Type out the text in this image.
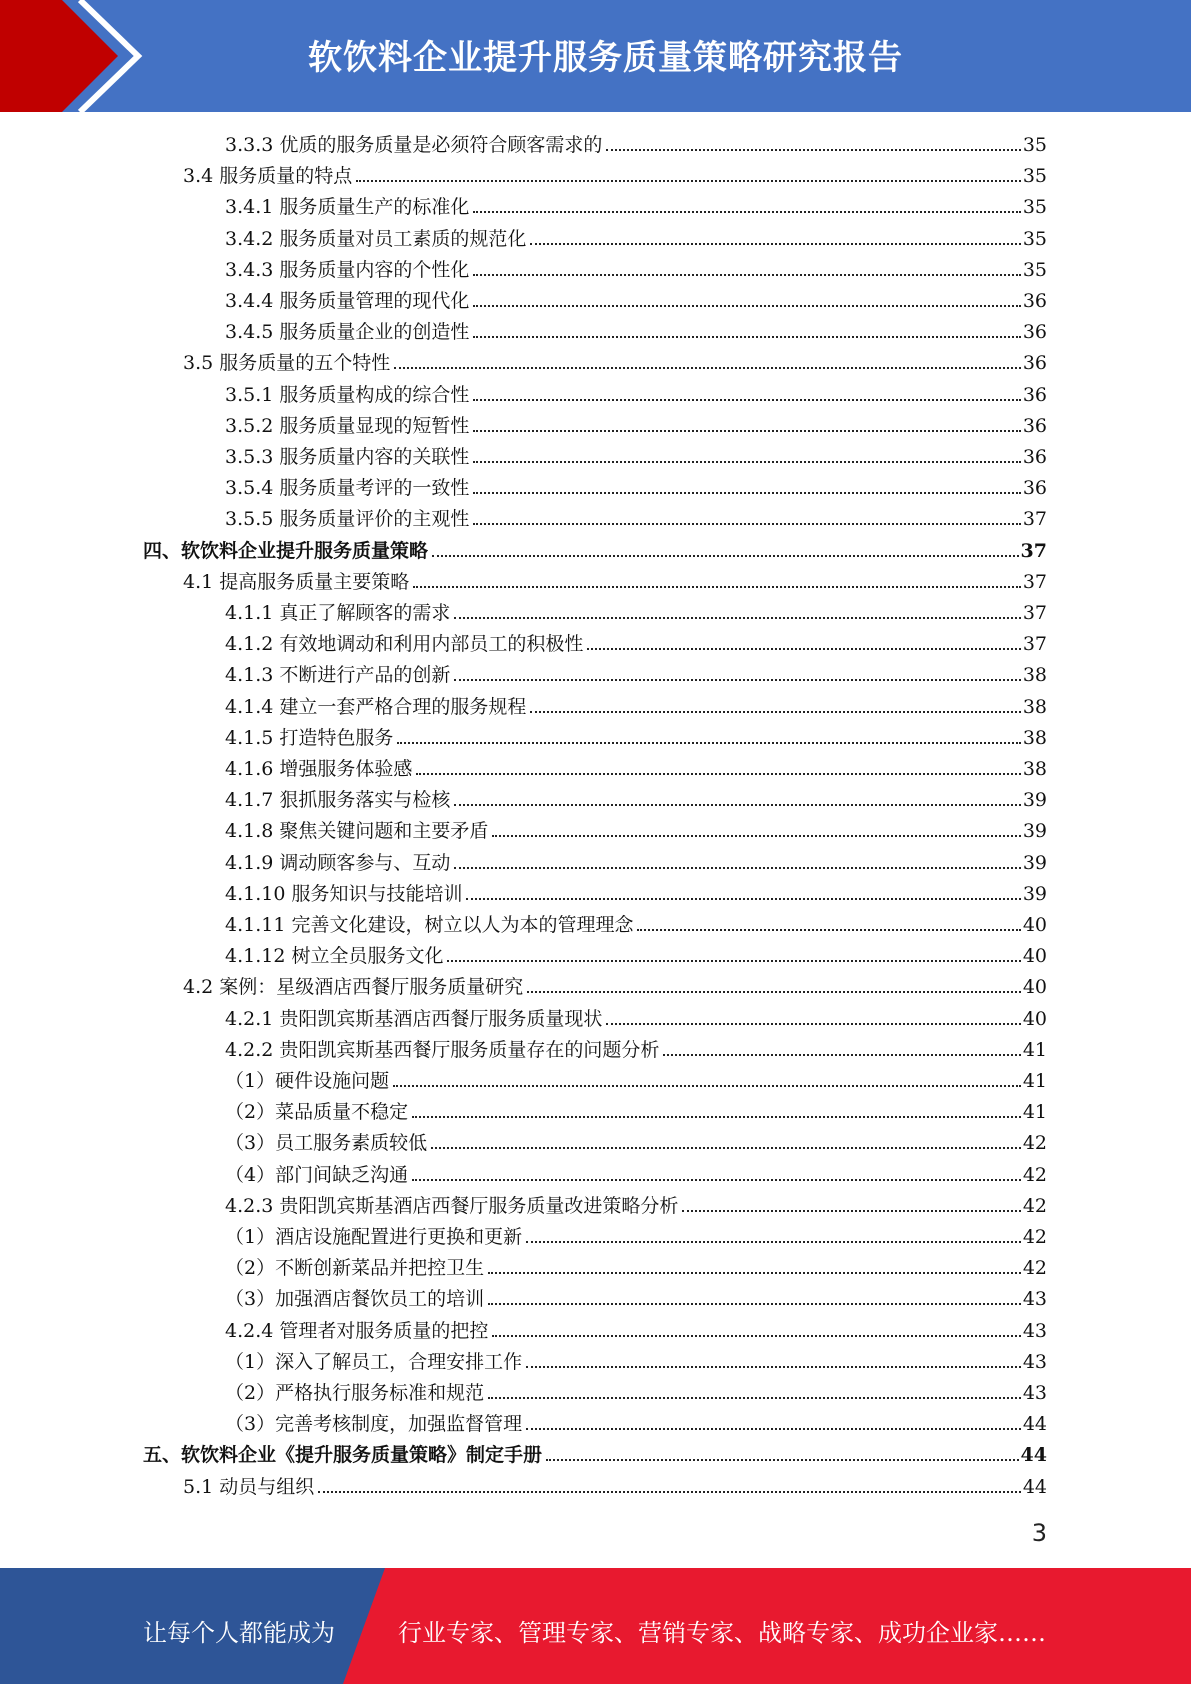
软饮料企业提升服务质量策略研究报告
3.3.3 优质的服务质量是必须符合顾客需求的	35
3.4 服务质量的特点	35
3.4.1 服务质量生产的标准化	35
3.4.2 服务质量对员工素质的规范化	35
3.4.3 服务质量内容的个性化	35
3.4.4 服务质量管理的现代化	36
3.4.5 服务质量企业的创造性	36
3.5 服务质量的五个特性	36
3.5.1 服务质量构成的综合性	36
3.5.2 服务质量显现的短暂性	36
3.5.3 服务质量内容的关联性	36
3.5.4 服务质量考评的一致性	36
3.5.5 服务质量评价的主观性	37
四、软饮料企业提升服务质量策略	37
4.1 提高服务质量主要策略	37
4.1.1 真正了解顾客的需求	37
4.1.2 有效地调动和利用内部员工的积极性	37
4.1.3 不断进行产品的创新	38
4.1.4 建立一套严格合理的服务规程	38
4.1.5 打造特色服务	38
4.1.6 增强服务体验感	38
4.1.7 狠抓服务落实与检核	39
4.1.8 聚焦关键问题和主要矛盾	39
4.1.9 调动顾客参与、互动	39
4.1.10 服务知识与技能培训	39
4.1.11 完善文化建设，树立以人为本的管理理念	40
4.1.12 树立全员服务文化	40
4.2 案例：星级酒店西餐厅服务质量研究	40
4.2.1 贵阳凯宾斯基酒店西餐厅服务质量现状	40
4.2.2 贵阳凯宾斯基西餐厅服务质量存在的问题分析	41
（1）硬件设施问题	41
（2）菜品质量不稳定	41
（3）员工服务素质较低	42
（4）部门间缺乏沟通	42
4.2.3 贵阳凯宾斯基酒店西餐厅服务质量改进策略分析	42
（1）酒店设施配置进行更换和更新	42
（2）不断创新菜品并把控卫生	42
（3）加强酒店餐饮员工的培训	43
4.2.4 管理者对服务质量的把控	43
（1）深入了解员工，合理安排工作	43
（2）严格执行服务标准和规范	43
（3）完善考核制度，加强监督管理	44
五、软饮料企业《提升服务质量策略》制定手册	44
5.1 动员与组织	44
3
让每个人都能成为	行业专家、管理专家、营销专家、战略专家、成功企业家……
